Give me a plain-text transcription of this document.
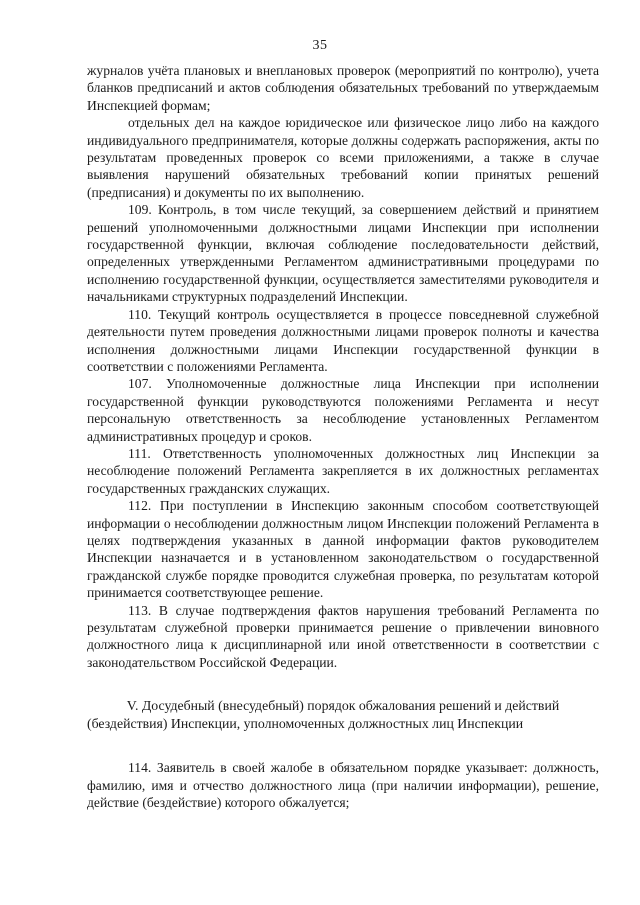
35

журналов учёта плановых и внеплановых проверок (мероприятий по контролю), учета бланков предписаний и актов соблюдения обязательных требований по утверждаемым Инспекцией формам;

отдельных дел на каждое юридическое или физическое лицо либо на каждого индивидуального предпринимателя, которые должны содержать распоряжения, акты по результатам проведенных проверок со всеми приложениями, а также в случае выявления нарушений обязательных требований копии принятых решений (предписания) и документы по их выполнению.

109. Контроль, в том числе текущий, за совершением действий и принятием решений уполномоченными должностными лицами Инспекции при исполнении государственной функции, включая соблюдение последовательности действий, определенных утвержденными Регламентом административными процедурами по исполнению государственной функции, осуществляется заместителями руководителя и начальниками структурных подразделений Инспекции.

110. Текущий контроль осуществляется в процессе повседневной служебной деятельности путем проведения должностными лицами проверок полноты и качества исполнения должностными лицами Инспекции государственной функции в соответствии с положениями Регламента.

107. Уполномоченные должностные лица Инспекции при исполнении государственной функции руководствуются положениями Регламента и несут персональную ответственность за несоблюдение установленных Регламентом административных процедур и сроков.

111. Ответственность уполномоченных должностных лиц Инспекции за несоблюдение положений Регламента закрепляется в их должностных регламентах государственных гражданских служащих.

112. При поступлении в Инспекцию законным способом соответствующей информации о несоблюдении должностным лицом Инспекции положений Регламента в целях подтверждения указанных в данной информации фактов руководителем Инспекции назначается и в установленном законодательством о государственной гражданской службе порядке проводится служебная проверка, по результатам которой принимается соответствующее решение.

113. В случае подтверждения фактов нарушения требований Регламента по результатам служебной проверки принимается решение о привлечении виновного должностного лица к дисциплинарной или иной ответственности в соответствии с законодательством Российской Федерации.

V. Досудебный (внесудебный) порядок обжалования решений и действий (бездействия) Инспекции, уполномоченных должностных лиц Инспекции

114. Заявитель в своей жалобе в обязательном порядке указывает: должность, фамилию, имя и отчество должностного лица (при наличии информации), решение, действие (бездействие) которого обжалуется;
